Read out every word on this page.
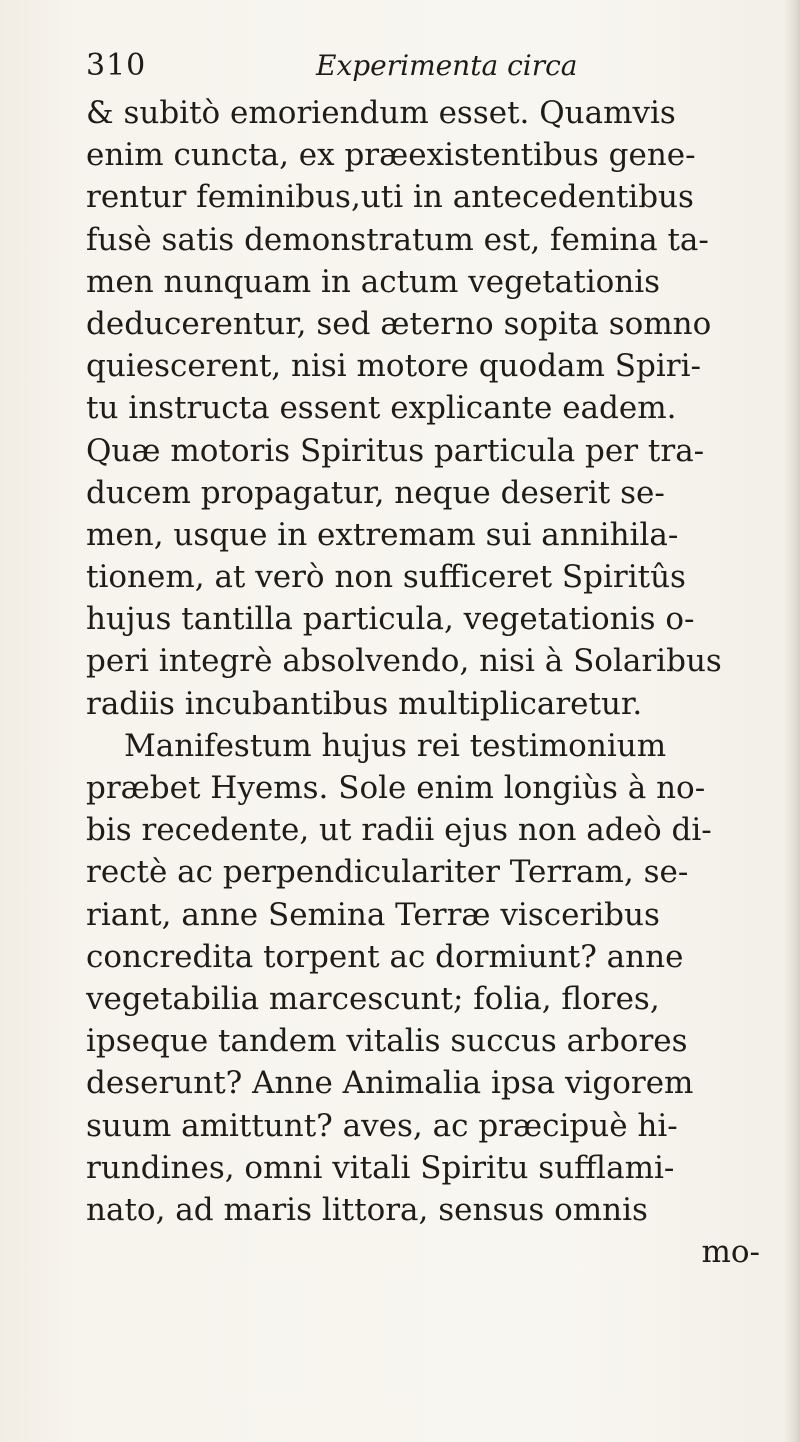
310	Experimenta circa
& subitò emoriendum esset. Quamvis
enim cuncta, ex præexistentibus gene-
rentur feminibus,uti in antecedentibus
fusè satis demonstratum est, femina ta-
men nunquam in actum vegetationis
deducerentur, sed æterno sopita somno
quiescerent, nisi motore quodam Spiri-
tu instructa essent explicante eadem.
Quæ motoris Spiritus particula per tra-
ducem propagatur, neque deserit se-
men, usque in extremam sui annihila-
tionem, at verò non sufficeret Spiritûs
hujus tantilla particula, vegetationis o-
peri integrè absolvendo, nisi à Solaribus
radiis incubantibus multiplicaretur.
Manifestum hujus rei testimonium
præbet Hyems. Sole enim longiùs à no-
bis recedente, ut radii ejus non adeò di-
rectè ac perpendiculariter Terram, se-
riant, anne Semina Terræ visceribus
concredita torpent ac dormiunt? anne
vegetabilia marcescunt; folia, flores,
ipseque tandem vitalis succus arbores
deserunt? Anne Animalia ipsa vigorem
suum amittunt? aves, ac præcipuè hi-
rundines, omni vitali Spiritu sufflami-
nato, ad maris littora, sensus omnis
mo-
